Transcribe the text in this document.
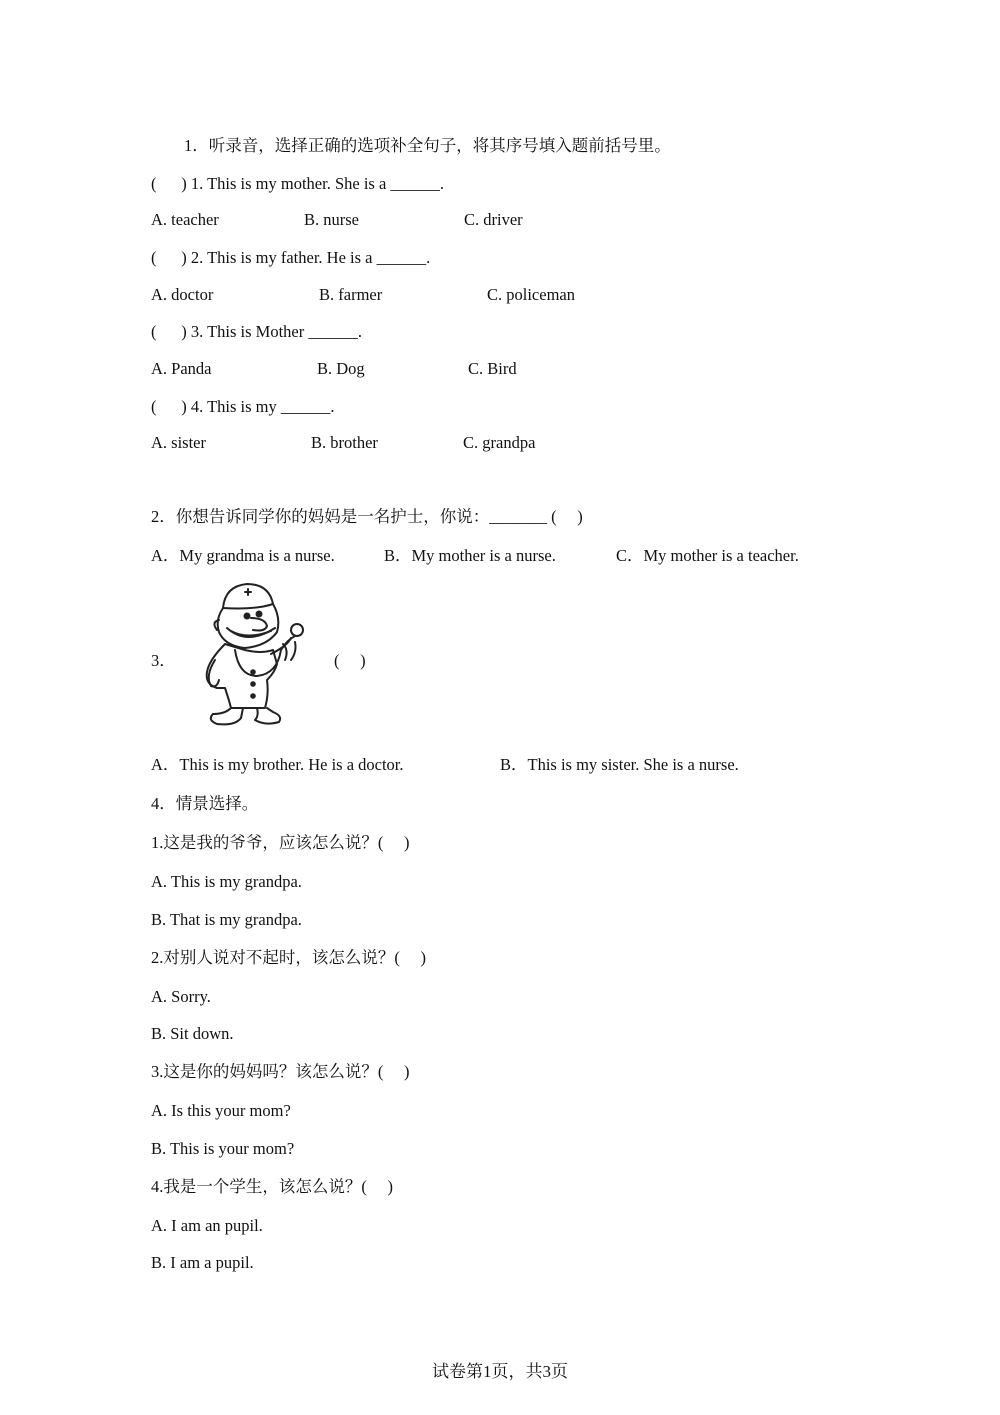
1．听录音，选择正确的选项补全句子，将其序号填入题前括号里。
(      ) 1. This is my mother. She is a ______.
A. teacher	B. nurse	C. driver
(      ) 2. This is my father. He is a ______.
A. doctor	B. farmer	C. policeman
(      ) 3. This is Mother ______.
A. Panda	B. Dog	C. Bird
(      ) 4. This is my ______.
A. sister	B. brother	C. grandpa
2．你想告诉同学你的妈妈是一名护士，你说：_______ (     )
A．My grandma is a nurse.	B．My mother is a nurse.	C．My mother is a teacher.
3．	(     )
A．This is my brother. He is a doctor.	B．This is my sister. She is a nurse.
4．情景选择。
1.这是我的爷爷，应该怎么说？(     )
A. This is my grandpa.
B. That is my grandpa.
2.对别人说对不起时，该怎么说？(     )
A. Sorry.
B. Sit down.
3.这是你的妈妈吗？该怎么说？(     )
A. Is this your mom?
B. This is your mom?
4.我是一个学生，该怎么说？(     )
A. I am an pupil.
B. I am a pupil.
试卷第1页，共3页
